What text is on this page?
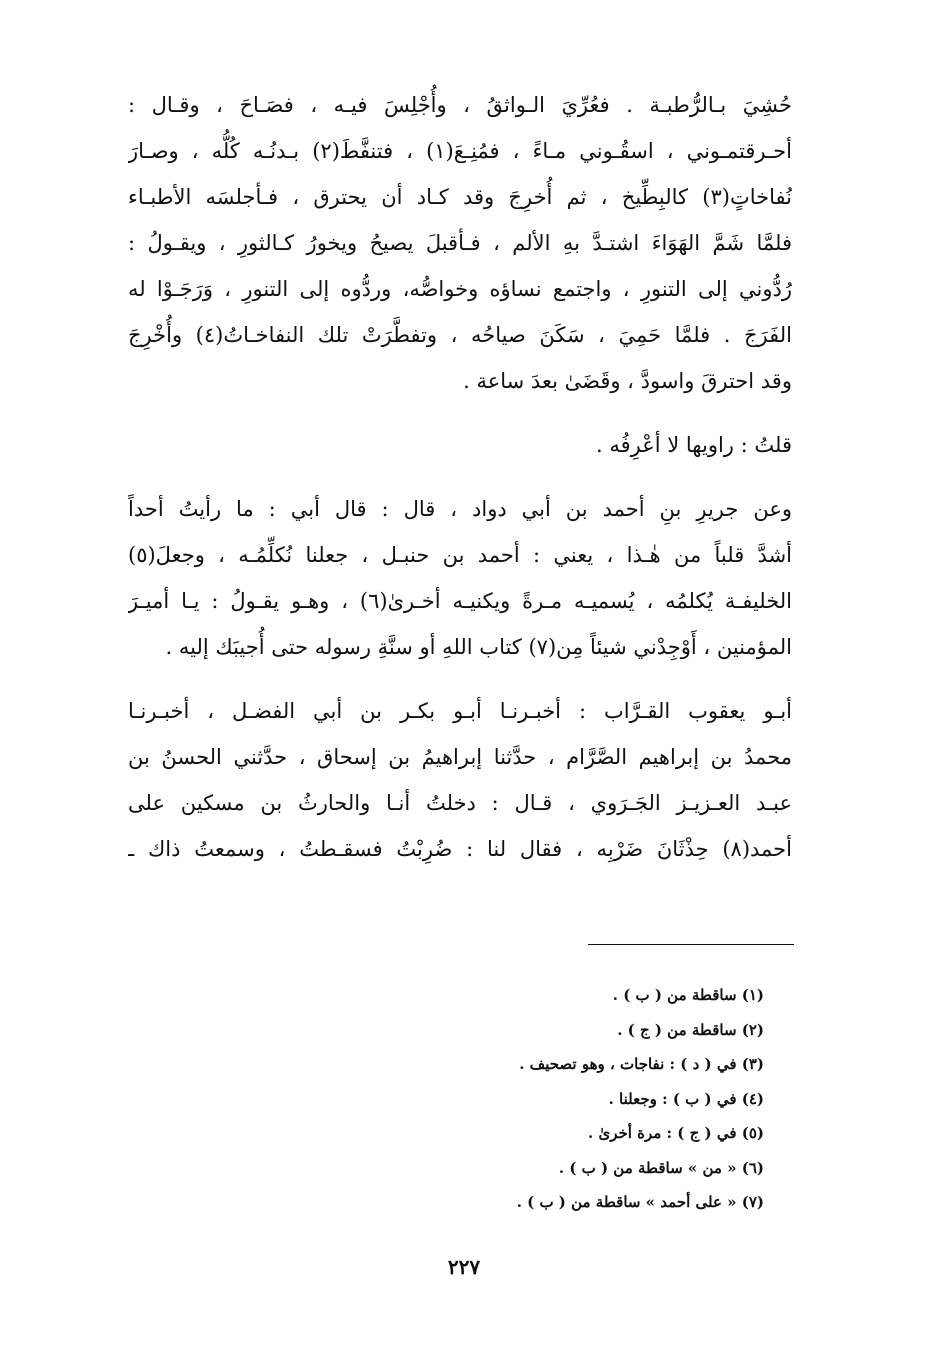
حُشِيَ بـالرُّطبـة . فعُرِّيَ الـواثقُ ، وأُجْلِسَ فيـه ، فصَـاحَ ، وقـال :
أحـرقتمـوني ، اسقُـوني مـاءً ، فمُنِـعَ(١) ، فتنفَّطَ(٢) بـدنُـه كُلُّه ، وصـارَ
نُفاخاتٍ(٣) كالبِطِّيخ ، ثم أُخرِجَ وقد كـاد أن يحترق ، فـأجلسَه الأطبـاء
فلمَّا شَمَّ الهَوَاءَ اشتـدَّ بهِ الألم ، فـأقبلَ يصيحُ ويخورُ كـالثورِ ، ويقـولُ :
رُدُّوني إلى التنورِ ، واجتمع نساؤه وخواصُّه، وردُّوه إلى التنورِ ، وَرَجَـوْا له
الفَرَجَ . فلمَّا حَمِيَ ، سَكَنَ صياحُه ، وتفطَّرَتْ تلك النفاخـاتُ(٤) وأُخْرِجَ
وقد احترقَ واسودَّ ، وقَضَىٰ بعدَ ساعة .
قلتُ : راويها لا أعْرِفُه .
وعن جريرِ بنِ أحمد بن أبي دواد ، قال : قال أبي : ما رأيتُ أحداً
أشدَّ قلباً من هٰـذا ، يعني : أحمد بن حنبـل ، جعلنا نُكلِّمُـه ، وجعلَ(٥)
الخليفـة يُكلمُه ، يُسميـه مـرةً ويكنيـه أخـرىٰ(٦) ، وهـو يقـولُ : يـا أميـرَ
المؤمنين ، أَوْجِدْني شيئاً مِن(٧) كتاب اللهِ أو سنَّةِ رسوله حتى أُجيبَك إليه .
أبـو يعقوب القـرَّاب : أخبـرنـا أبـو بكـر بن أبي الفضـل ، أخبـرنـا
محمدُ بن إبراهيم الصَّرَّام ، حدَّثنا إبراهيمُ بن إسحاق ، حدَّثني الحسنُ بن
عبـد العـزيـز الجَـرَوي ، قـال : دخلتُ أنـا والحارثُ بن مسكين على
أحمد(٨) حِذْثَانَ ضَرْبِه ، فقال لنا : ضُرِبْتُ فسقـطتُ ، وسمعتُ ذاك ـ
(١) ساقطة من ( ب ) .
(٢) ساقطة من ( ج ) .
(٣) في ( د ) : نفاجات ، وهو تصحيف .
(٤) في ( ب ) : وجعلنا .
(٥) في ( ج ) : مرة أخرىٰ .
(٦) « من » ساقطة من ( ب ) .
(٧) « على أحمد » ساقطة من ( ب ) .
٢٢٧
